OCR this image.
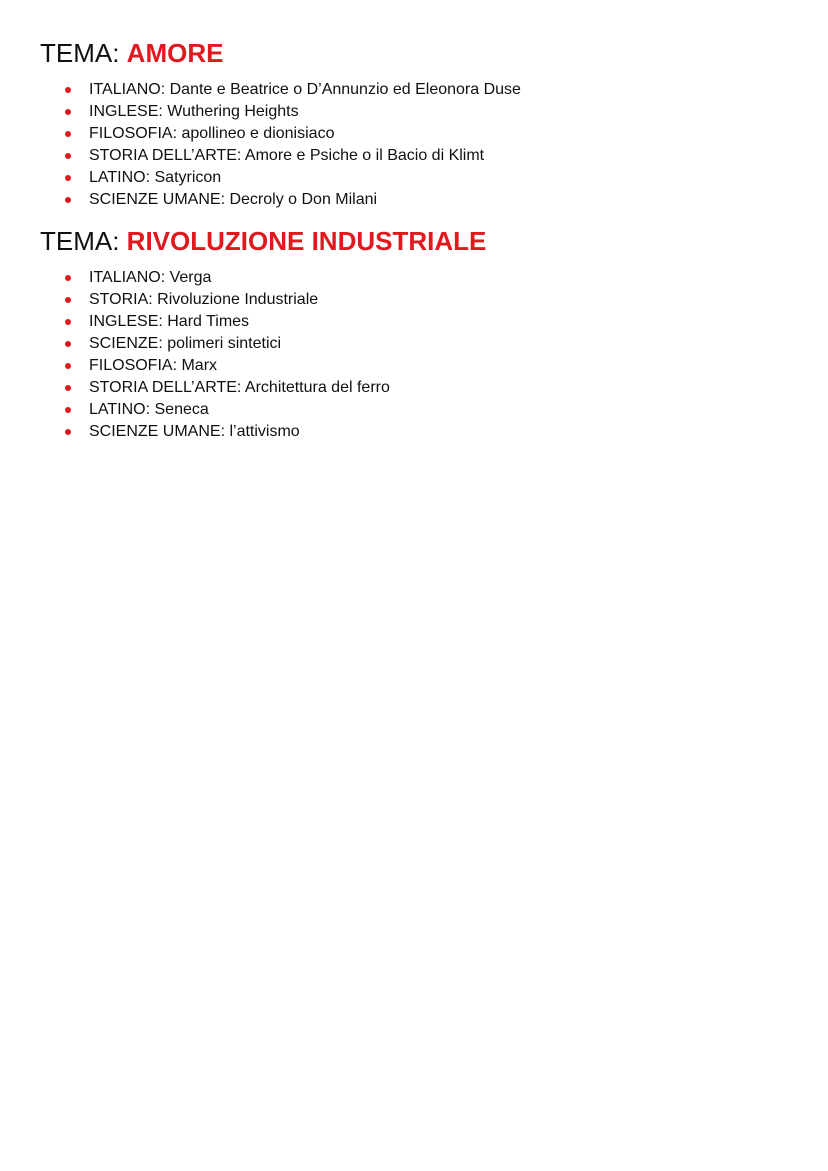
TEMA: AMORE
ITALIANO: Dante e Beatrice o D’Annunzio ed Eleonora Duse
INGLESE: Wuthering Heights
FILOSOFIA: apollineo e dionisiaco
STORIA DELL’ARTE: Amore e Psiche o il Bacio di Klimt
LATINO: Satyricon
SCIENZE UMANE: Decroly o Don Milani
TEMA: RIVOLUZIONE INDUSTRIALE
ITALIANO: Verga
STORIA: Rivoluzione Industriale
INGLESE: Hard Times
SCIENZE: polimeri sintetici
FILOSOFIA: Marx
STORIA DELL’ARTE: Architettura del ferro
LATINO: Seneca
SCIENZE UMANE: l’attivismo
